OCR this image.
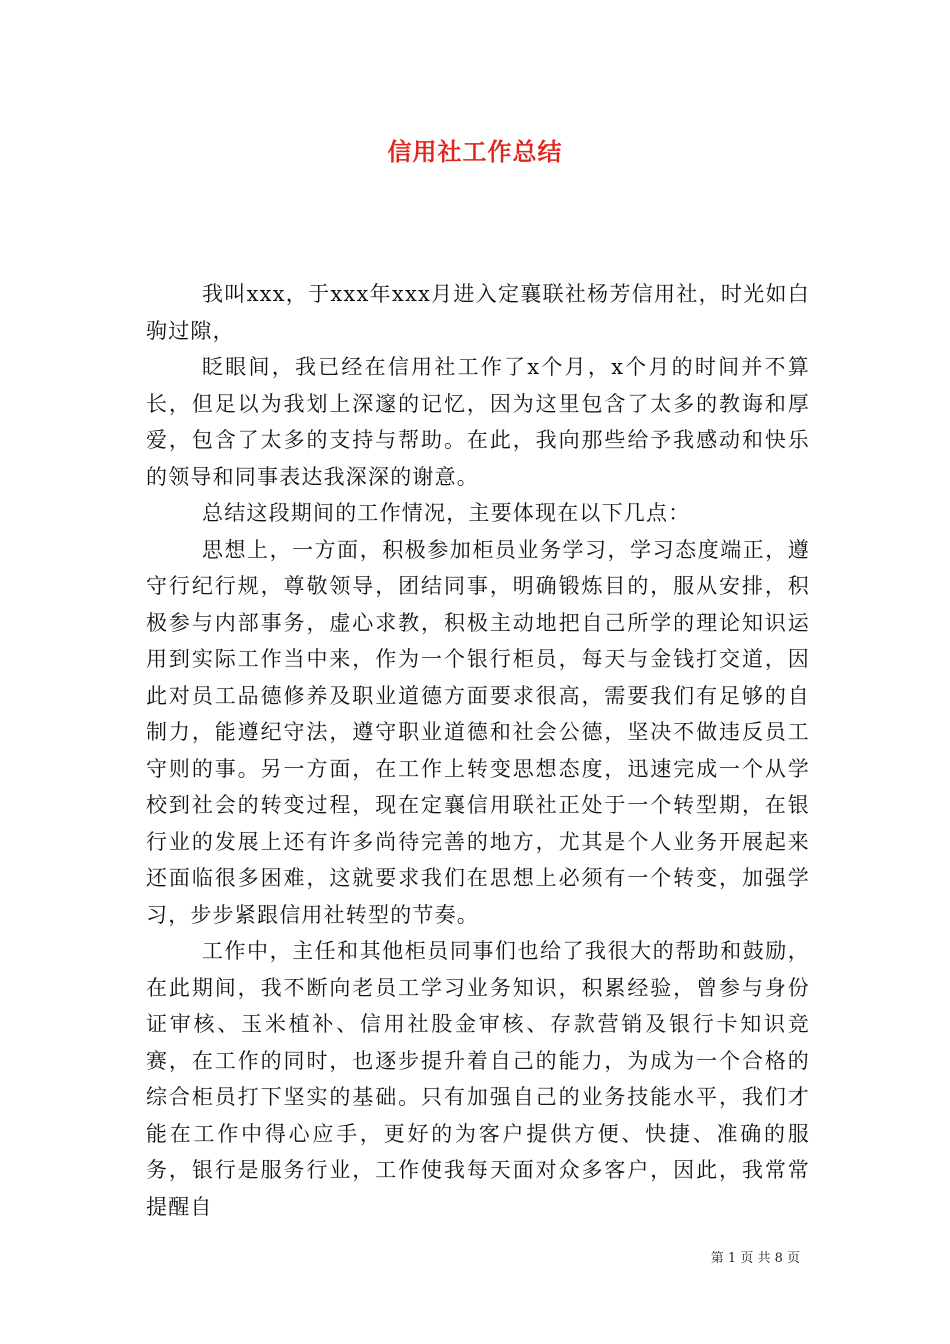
信用社工作总结

我叫xxx，于xxx年xxx月进入定襄联社杨芳信用社，时光如白驹过隙，

眨眼间，我已经在信用社工作了x个月，x个月的时间并不算长，但足以为我划上深邃的记忆，因为这里包含了太多的教诲和厚爱，包含了太多的支持与帮助。在此，我向那些给予我感动和快乐的领导和同事表达我深深的谢意。

总结这段期间的工作情况，主要体现在以下几点：

思想上，一方面，积极参加柜员业务学习，学习态度端正，遵守行纪行规，尊敬领导，团结同事，明确锻炼目的，服从安排，积极参与内部事务，虚心求教，积极主动地把自己所学的理论知识运用到实际工作当中来，作为一个银行柜员，每天与金钱打交道，因此对员工品德修养及职业道德方面要求很高，需要我们有足够的自制力，能遵纪守法，遵守职业道德和社会公德，坚决不做违反员工守则的事。另一方面，在工作上转变思想态度，迅速完成一个从学校到社会的转变过程，现在定襄信用联社正处于一个转型期，在银行业的发展上还有许多尚待完善的地方，尤其是个人业务开展起来还面临很多困难，这就要求我们在思想上必须有一个转变，加强学习，步步紧跟信用社转型的节奏。

工作中，主任和其他柜员同事们也给了我很大的帮助和鼓励，在此期间，我不断向老员工学习业务知识，积累经验，曾参与身份证审核、玉米植补、信用社股金审核、存款营销及银行卡知识竞赛，在工作的同时，也逐步提升着自己的能力，为成为一个合格的综合柜员打下坚实的基础。只有加强自己的业务技能水平，我们才能在工作中得心应手，更好的为客户提供方便、快捷、准确的服务，银行是服务行业，工作使我每天面对众多客户，因此，我常常提醒自

第 1 页 共 8 页
